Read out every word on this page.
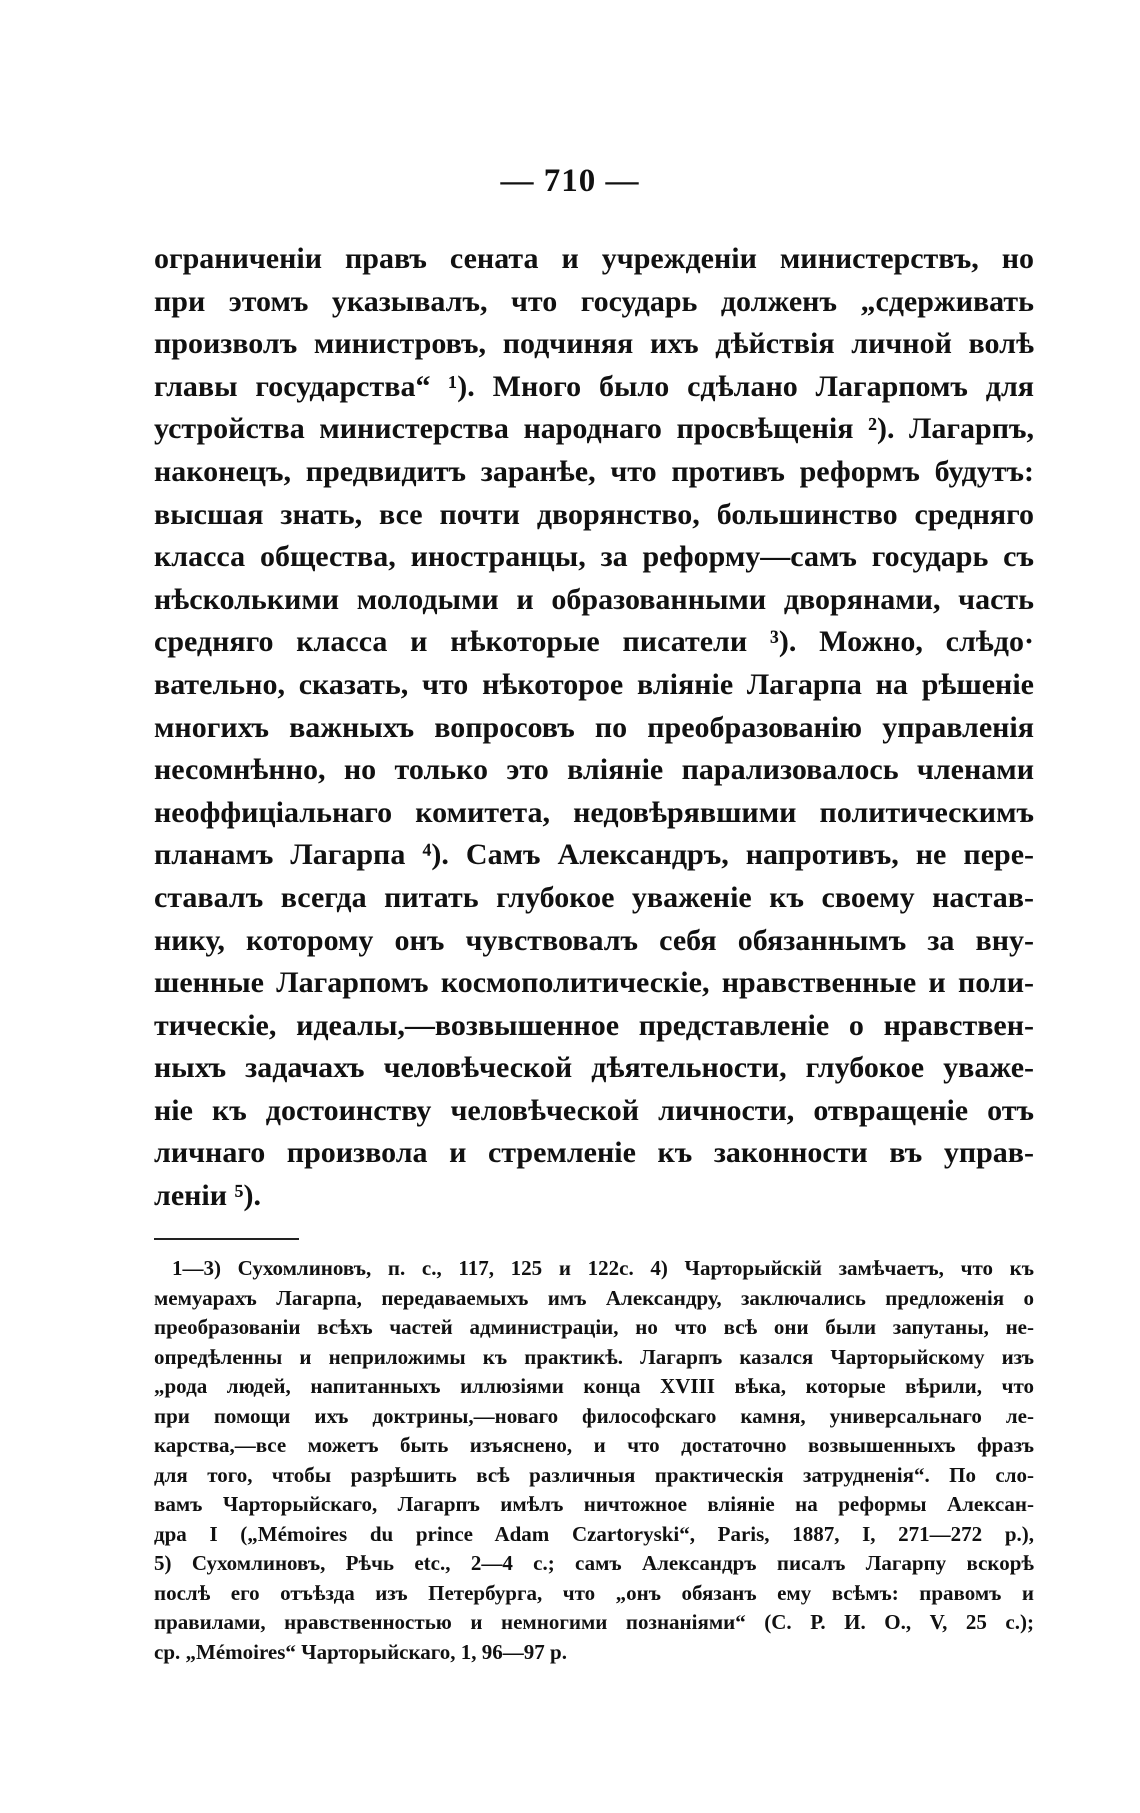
— 710 —
ограниченіи правъ сената и учрежденіи министерствъ, но
при этомъ указывалъ, что государь долженъ „сдерживать
произволъ министровъ, подчиняя ихъ дѣйствія личной волѣ
главы государства“ ¹). Много было сдѣлано Лагарпомъ для
устройства министерства народнаго просвѣщенія ²). Лагарпъ,
наконецъ, предвидитъ заранѣе, что противъ реформъ будутъ:
высшая знать, все почти дворянство, большинство средняго
класса общества, иностранцы, за реформу—самъ государь съ
нѣсколькими молодыми и образованными дворянами, часть
средняго класса и нѣкоторые писатели ³). Можно, слѣдо·
вательно, сказать, что нѣкоторое вліяніе Лагарпа на рѣшеніе
многихъ важныхъ вопросовъ по преобразованію управленія
несомнѣнно, но только это вліяніе парализовалось членами
неоффиціальнаго комитета, недовѣрявшими политическимъ
планамъ Лагарпа ⁴). Самъ Александръ, напротивъ, не пере-
ставалъ всегда питать глубокое уваженіе къ своему настав-
нику, которому онъ чувствовалъ себя обязаннымъ за вну-
шенные Лагарпомъ космополитическіе, нравственные и поли-
тическіе, идеалы,—возвышенное представленіе о нравствен-
ныхъ задачахъ человѣческой дѣятельности, глубокое уваже-
ніе къ достоинству человѣческой личности, отвращеніе отъ
личнаго произвола и стремленіе къ законности въ управ-
леніи ⁵).
1—3) Сухомлиновъ, п. с., 117, 125 и 122с. 4) Чарторыйскій замѣчаетъ, что къ
мемуарахъ Лагарпа, передаваемыхъ имъ Александру, заключались предложенія о
преобразованіи всѣхъ частей администраціи, но что всѣ они были запутаны, не-
опредѣленны и неприложимы къ практикѣ. Лагарпъ казался Чарторыйскому изъ
„рода людей, напитанныхъ иллюзіями конца XVIII вѣка, которые вѣрили, что
при помощи ихъ доктрины,—новаго философскаго камня, универсальнаго ле-
карства,—все можетъ быть изъяснено, и что достаточно возвышенныхъ фразъ
для того, чтобы разрѣшить всѣ различныя практическія затрудненія“. По сло-
вамъ Чарторыйскаго, Лагарпъ имѣлъ ничтожное вліяніе на реформы Алексан-
дра I („Mémoires du prince Adam Czartoryski“, Paris, 1887, I, 271—272 p.),
5) Сухомлиновъ, Рѣчь etc., 2—4 с.; самъ Александръ писалъ Лагарпу вскорѣ
послѣ его отъѣзда изъ Петербурга, что „онъ обязанъ ему всѣмъ: правомъ и
правилами, нравственностью и немногими познаніями“ (С. Р. И. О., V, 25 с.);
ср. „Mémoires“ Чарторыйскаго, 1, 96—97 р.
